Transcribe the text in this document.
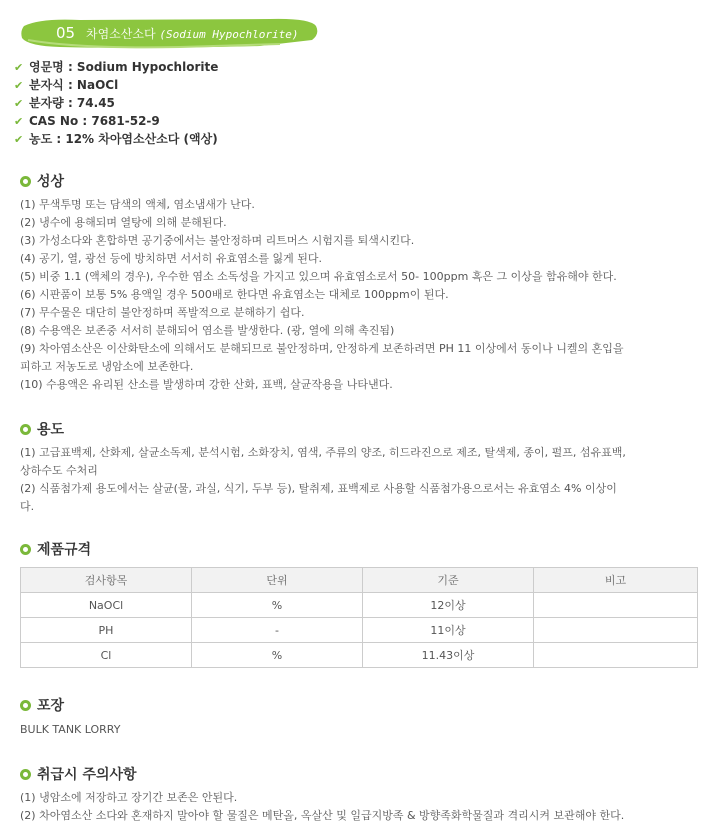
05 차염소산소다 (Sodium Hypochlorite)
✔ 영문명 : Sodium Hypochlorite
✔ 분자식 : NaOCl
✔ 분자량 : 74.45
✔ CAS No : 7681-52-9
✔ 농도 : 12% 차아염소산소다 (액상)
성상
(1) 무색투명 또는 담색의 액체, 염소냄새가 난다.
(2) 냉수에 용해되며 열탕에 의해 분해된다.
(3) 가성소다와 혼합하면 공기중에서는 불안정하며 리트머스 시험지를 퇴색시킨다.
(4) 공기, 열, 광선 등에 방치하면 서서히 유효염소를 잃게 된다.
(5) 비중 1.1 (액체의 경우), 우수한 염소 소독성을 가지고 있으며 유효염소로서 50- 100ppm 혹은 그 이상을 함유해야 한다.
(6) 시판품이 보통 5% 용액일 경우 500배로 한다면 유효염소는 대체로 100ppm이 된다.
(7) 무수물은 대단히 불안정하며 폭발적으로 분해하기 쉽다.
(8) 수용액은 보존중 서서히 분해되어 염소를 발생한다. (광, 열에 의해 촉진됨)
(9) 차아염소산은 이산화탄소에 의해서도 분해되므로 불안정하며, 안정하게 보존하려면 PH 11 이상에서 동이나 니켈의 혼입을
피하고 저농도로 냉암소에 보존한다.
(10) 수용액은 유리된 산소를 발생하며 강한 산화, 표백, 살균작용을 나타낸다.
용도
(1) 고급표백제, 산화제, 살균소독제, 분석시험, 소화장치, 염색, 주류의 양조, 히드라진으로 제조, 탈색제, 종이, 펄프, 섬유표백,
상하수도 수처리
(2) 식품첨가제 용도에서는 살균(물, 과실, 식기, 두부 등), 탈취제, 표백제로 사용할 식품첨가용으로서는 유효염소 4% 이상이
다.
제품규격
검사항목	단위	기준	비고
NaOCl	%	12이상	
PH	-	11이상	
Cl	%	11.43이상	
포장
BULK TANK LORRY
취급시 주의사항
(1) 냉암소에 저장하고 장기간 보존은 안된다.
(2) 차아염소산 소다와 혼재하지 말아야 할 물질은 메탄올, 옥살산 및 일급지방족 & 방향족화학물질과 격리시켜 보관해야 한다.
